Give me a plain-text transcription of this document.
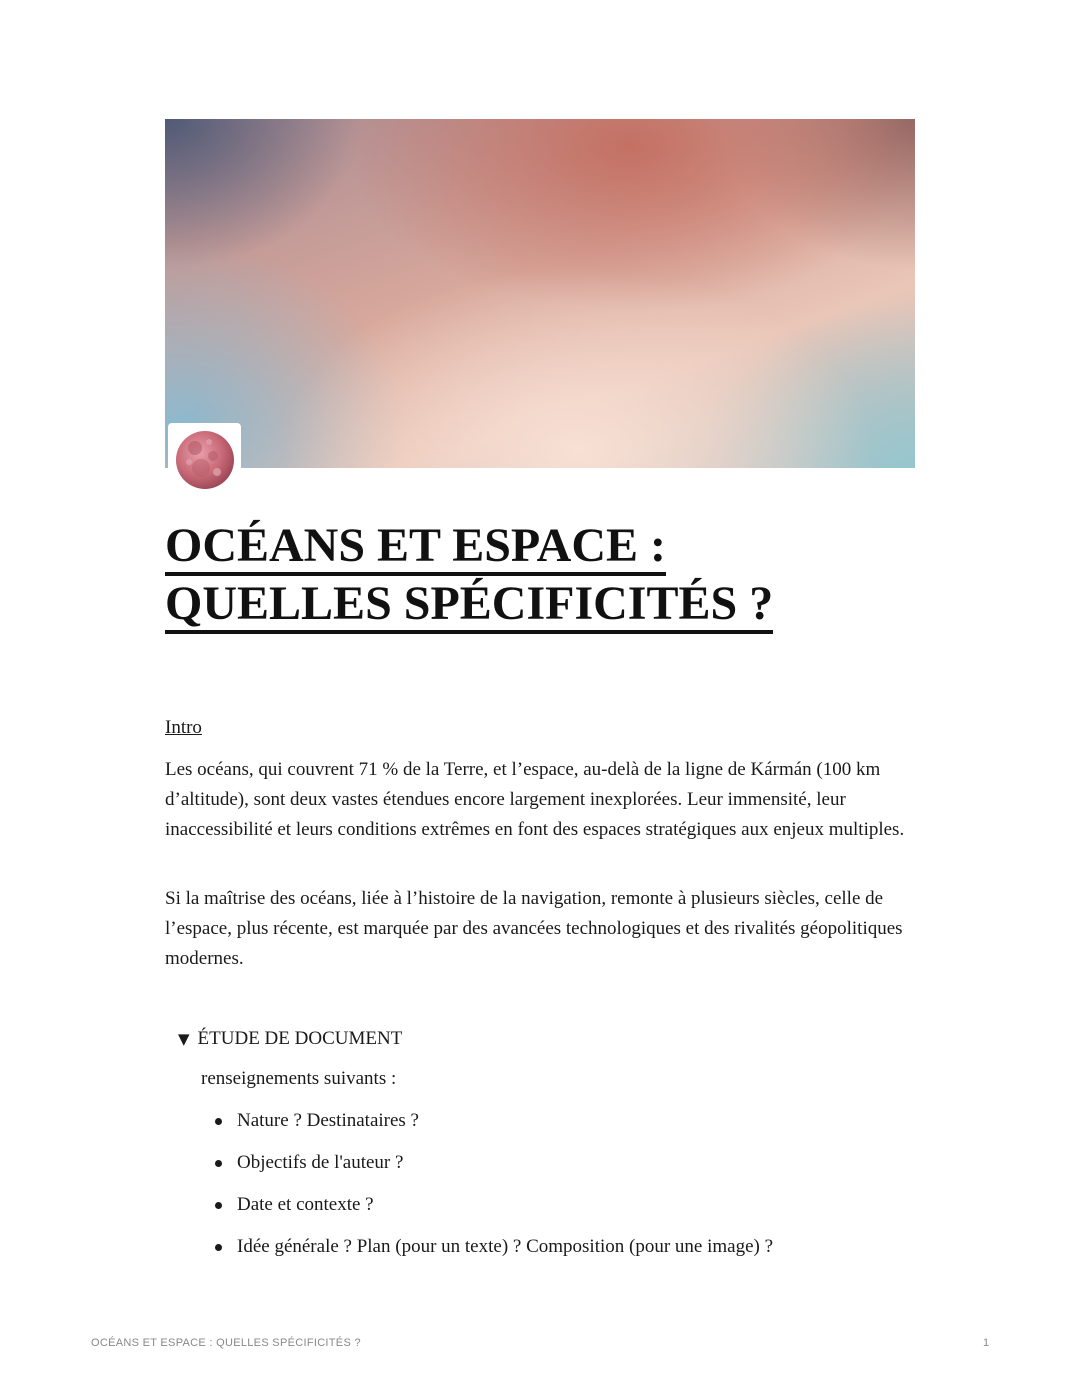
OCÉANS ET ESPACE :
QUELLES SPÉCIFICITÉS ?

Intro

Les océans, qui couvrent 71 % de la Terre, et l’espace, au-delà de la ligne de Kármán (100 km d’altitude), sont deux vastes étendues encore largement inexplorées. Leur immensité, leur inaccessibilité et leurs conditions extrêmes en font des espaces stratégiques aux enjeux multiples.

Si la maîtrise des océans, liée à l’histoire de la navigation, remonte à plusieurs siècles, celle de l’espace, plus récente, est marquée par des avancées technologiques et des rivalités géopolitiques modernes.

▼ ÉTUDE DE DOCUMENT

renseignements suivants :

Nature ? Destinataires ?
Objectifs de l'auteur ?
Date et contexte ?
Idée générale ? Plan (pour un texte) ? Composition (pour une image) ?
OCÉANS ET ESPACE : QUELLES SPÉCIFICITÉS ?	1
